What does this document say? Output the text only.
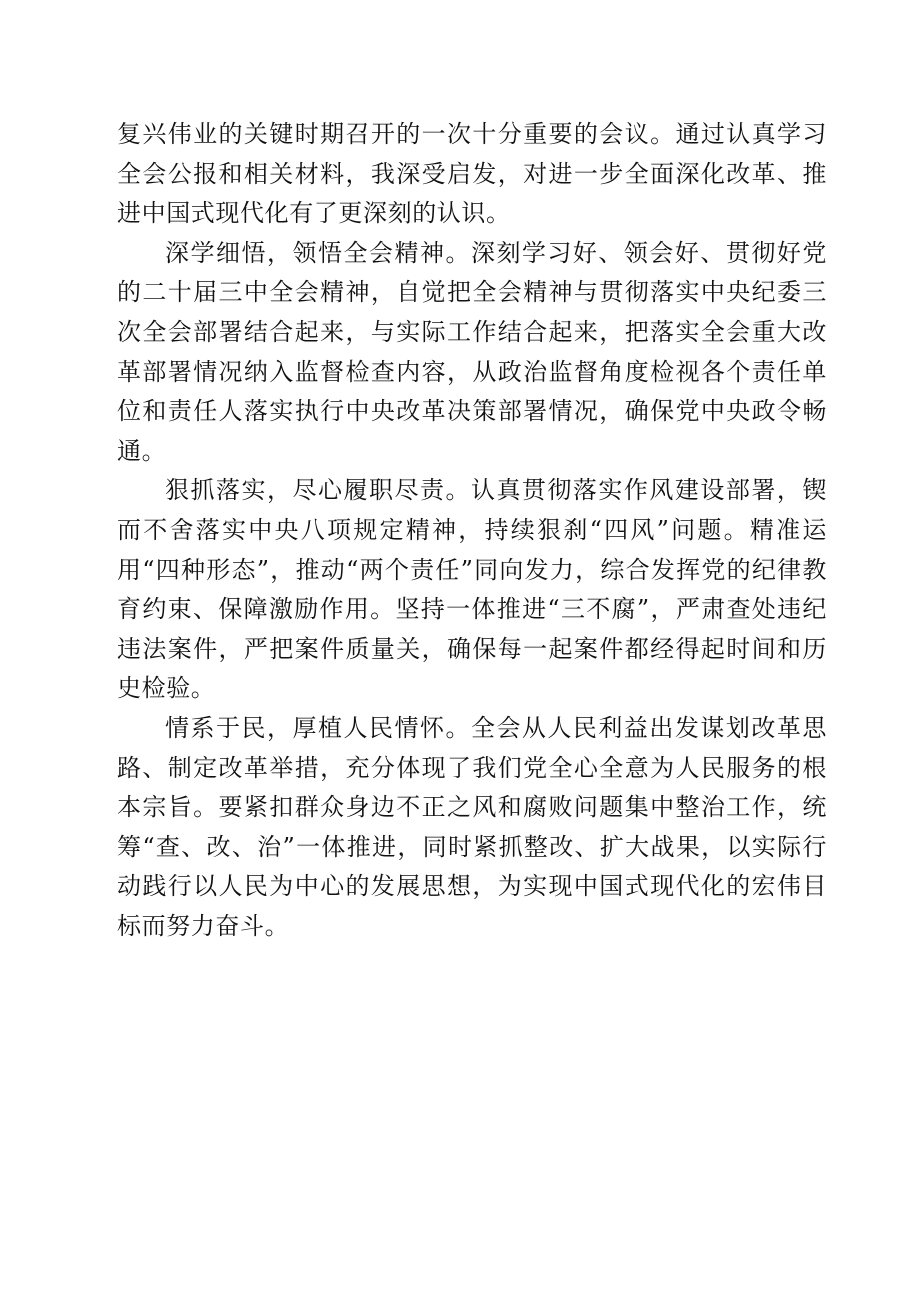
复兴伟业的关键时期召开的一次十分重要的会议。通过认真学习全会公报和相关材料，我深受启发，对进一步全面深化改革、推进中国式现代化有了更深刻的认识。

深学细悟，领悟全会精神。深刻学习好、领会好、贯彻好党的二十届三中全会精神，自觉把全会精神与贯彻落实中央纪委三次全会部署结合起来，与实际工作结合起来，把落实全会重大改革部署情况纳入监督检查内容，从政治监督角度检视各个责任单位和责任人落实执行中央改革决策部署情况，确保党中央政令畅通。

狠抓落实，尽心履职尽责。认真贯彻落实作风建设部署，锲而不舍落实中央八项规定精神，持续狠刹“四风”问题。精准运用“四种形态”，推动“两个责任”同向发力，综合发挥党的纪律教育约束、保障激励作用。坚持一体推进“三不腐”，严肃查处违纪违法案件，严把案件质量关，确保每一起案件都经得起时间和历史检验。

情系于民，厚植人民情怀。全会从人民利益出发谋划改革思路、制定改革举措，充分体现了我们党全心全意为人民服务的根本宗旨。要紧扣群众身边不正之风和腐败问题集中整治工作，统筹“查、改、治”一体推进，同时紧抓整改、扩大战果，以实际行动践行以人民为中心的发展思想，为实现中国式现代化的宏伟目标而努力奋斗。
